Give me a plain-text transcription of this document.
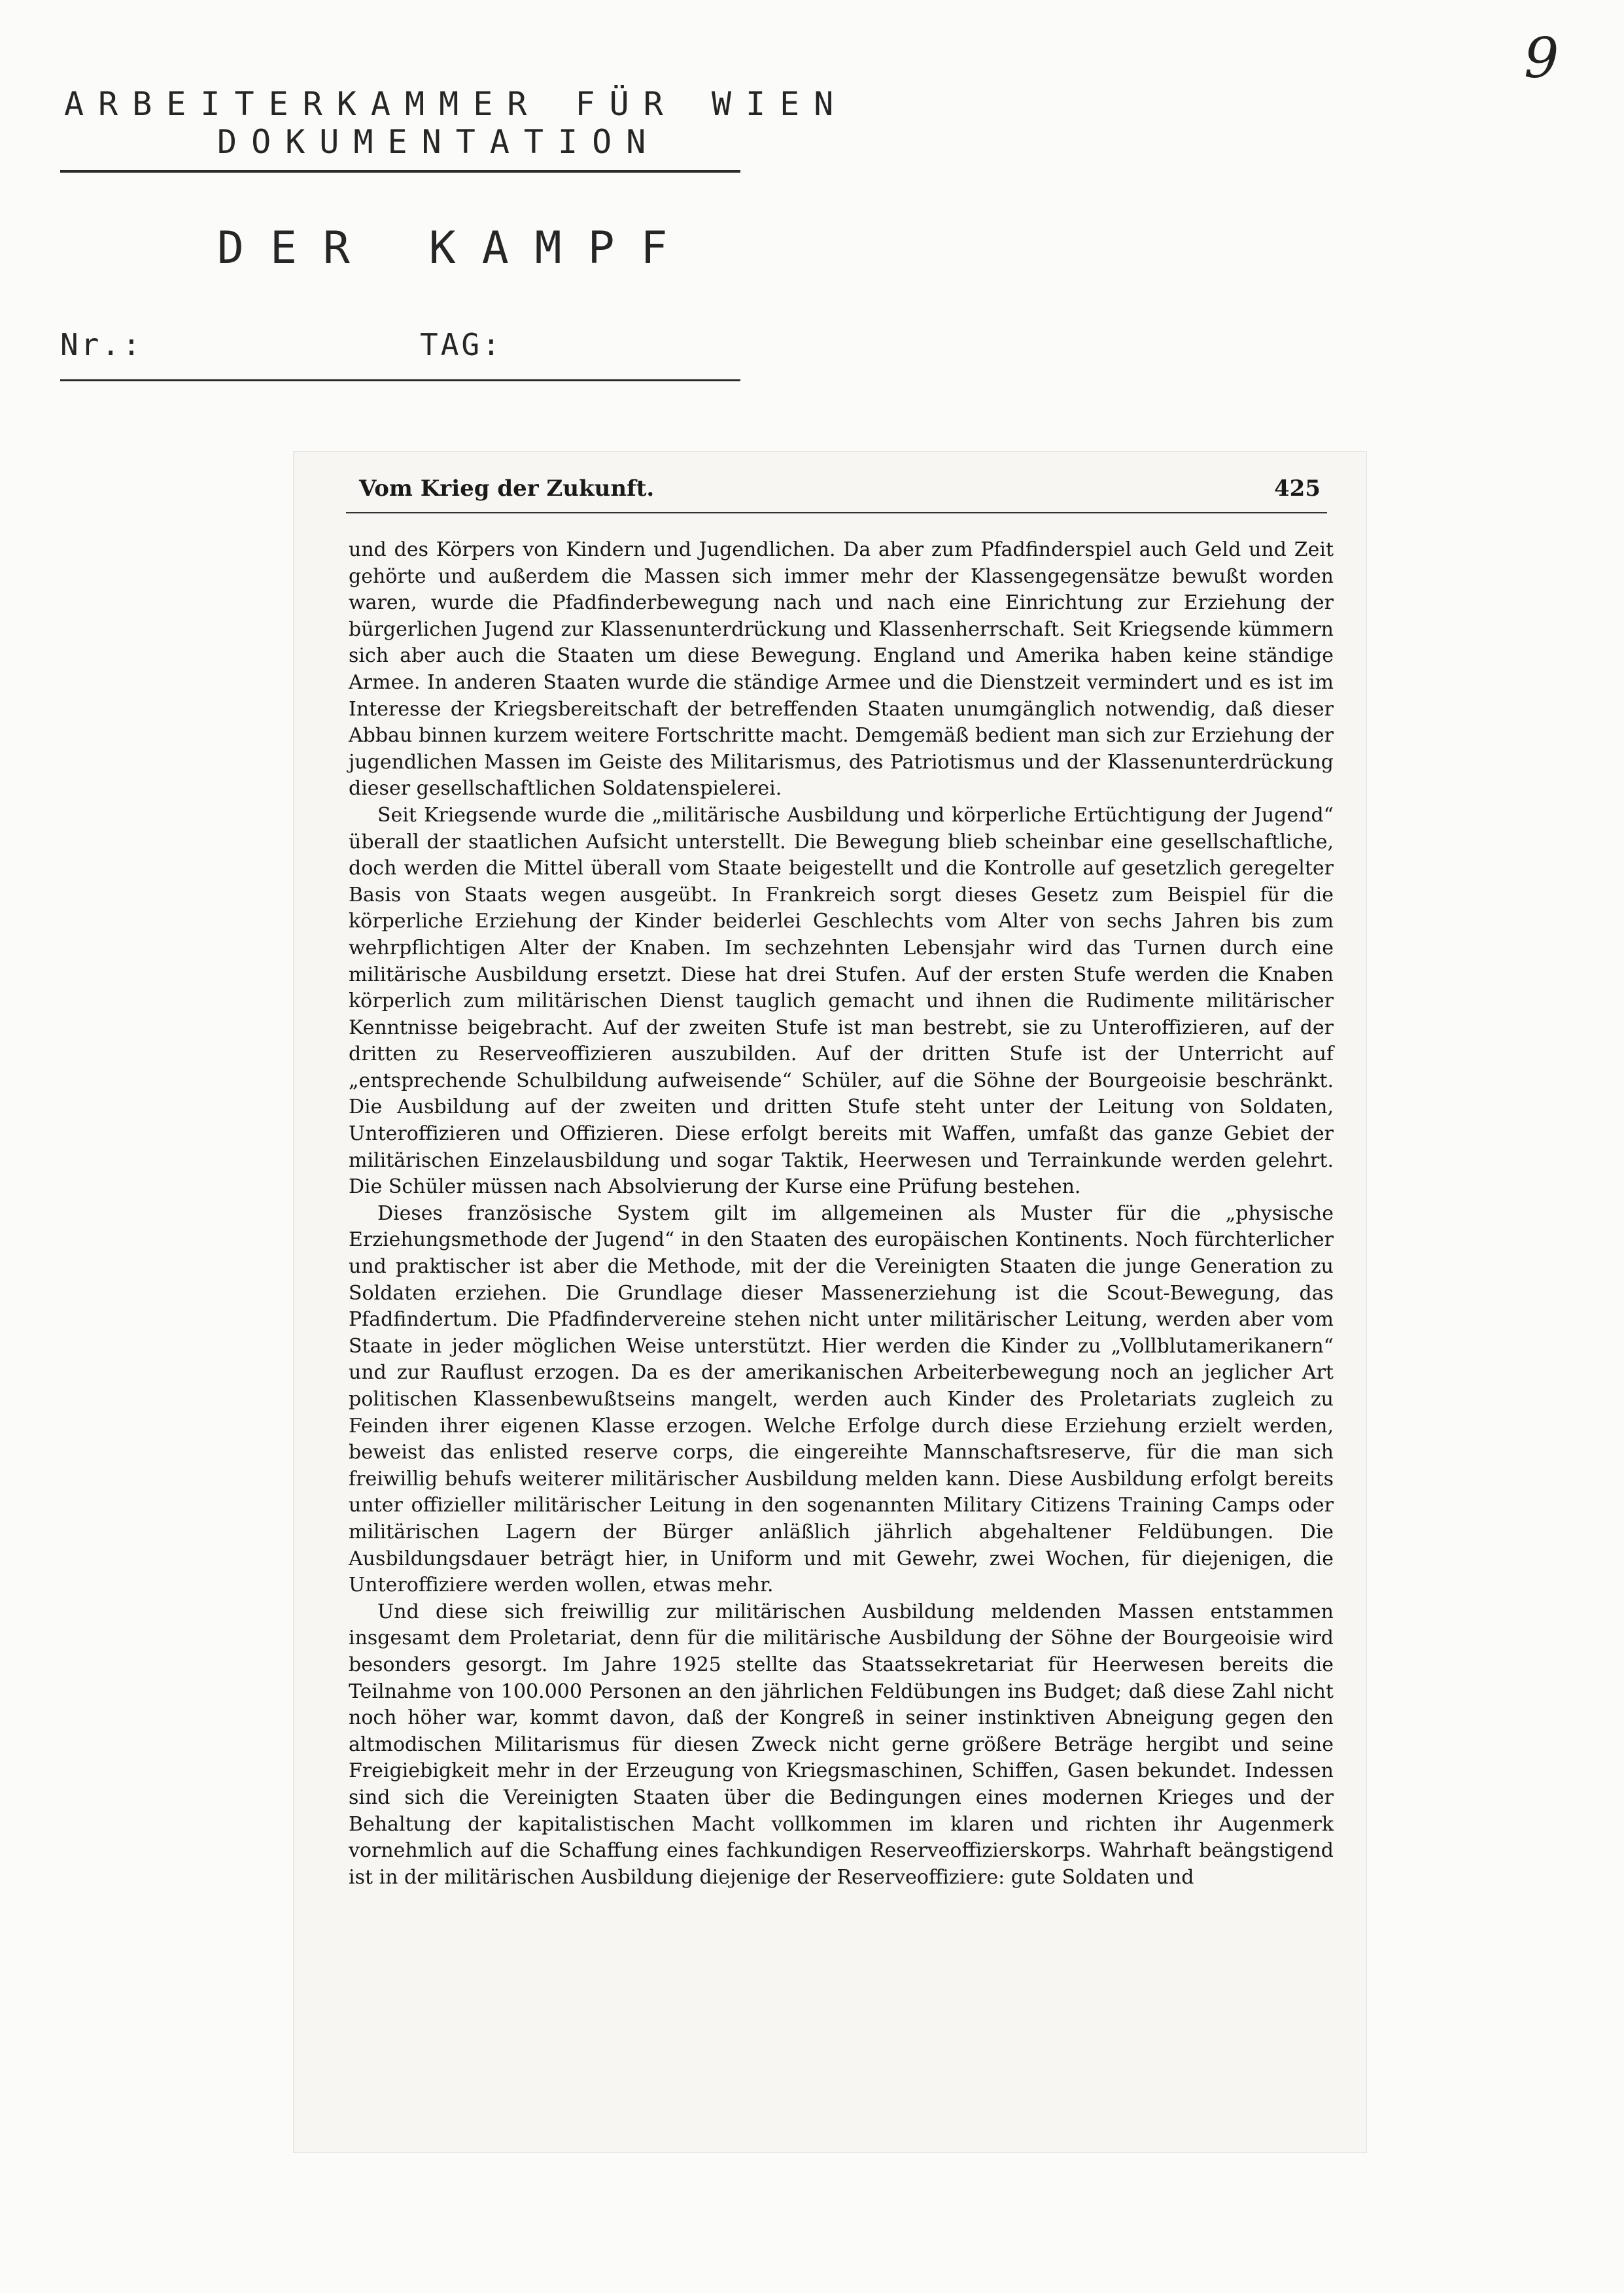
9
ARBEITERKAMMER FÜR WIEN
DOKUMENTATION
DER KAMPF
Nr.:	TAG:
Vom Krieg der Zukunft.	425

und des Körpers von Kindern und Jugendlichen. Da aber zum Pfadfinderspiel auch Geld und Zeit gehörte und außerdem die Massen sich immer mehr der Klassengegensätze bewußt worden waren, wurde die Pfadfinderbewegung nach und nach eine Einrichtung zur Erziehung der bürgerlichen Jugend zur Klassenunterdrückung und Klassenherrschaft. Seit Kriegsende kümmern sich aber auch die Staaten um diese Bewegung. England und Amerika haben keine ständige Armee. In anderen Staaten wurde die ständige Armee und die Dienstzeit vermindert und es ist im Interesse der Kriegsbereitschaft der betreffenden Staaten unumgänglich notwendig, daß dieser Abbau binnen kurzem weitere Fortschritte macht. Demgemäß bedient man sich zur Erziehung der jugendlichen Massen im Geiste des Militarismus, des Patriotismus und der Klassenunterdrückung dieser gesellschaftlichen Soldatenspielerei.

Seit Kriegsende wurde die „militärische Ausbildung und körperliche Ertüchtigung der Jugend“ überall der staatlichen Aufsicht unterstellt. Die Bewegung blieb scheinbar eine gesellschaftliche, doch werden die Mittel überall vom Staate beigestellt und die Kontrolle auf gesetzlich geregelter Basis von Staats wegen ausgeübt. In Frankreich sorgt dieses Gesetz zum Beispiel für die körperliche Erziehung der Kinder beiderlei Geschlechts vom Alter von sechs Jahren bis zum wehrpflichtigen Alter der Knaben. Im sechzehnten Lebensjahr wird das Turnen durch eine militärische Ausbildung ersetzt. Diese hat drei Stufen. Auf der ersten Stufe werden die Knaben körperlich zum militärischen Dienst tauglich gemacht und ihnen die Rudimente militärischer Kenntnisse beigebracht. Auf der zweiten Stufe ist man bestrebt, sie zu Unteroffizieren, auf der dritten zu Reserveoffizieren auszubilden. Auf der dritten Stufe ist der Unterricht auf „entsprechende Schulbildung aufweisende“ Schüler, auf die Söhne der Bourgeoisie beschränkt. Die Ausbildung auf der zweiten und dritten Stufe steht unter der Leitung von Soldaten, Unteroffizieren und Offizieren. Diese erfolgt bereits mit Waffen, umfaßt das ganze Gebiet der militärischen Einzelausbildung und sogar Taktik, Heerwesen und Terrainkunde werden gelehrt. Die Schüler müssen nach Absolvierung der Kurse eine Prüfung bestehen.

Dieses französische System gilt im allgemeinen als Muster für die „physische Erziehungsmethode der Jugend“ in den Staaten des europäischen Kontinents. Noch fürchterlicher und praktischer ist aber die Methode, mit der die Vereinigten Staaten die junge Generation zu Soldaten erziehen. Die Grundlage dieser Massenerziehung ist die Scout-Bewegung, das Pfadfindertum. Die Pfadfindervereine stehen nicht unter militärischer Leitung, werden aber vom Staate in jeder möglichen Weise unterstützt. Hier werden die Kinder zu „Vollblutamerikanern“ und zur Rauflust erzogen. Da es der amerikanischen Arbeiterbewegung noch an jeglicher Art politischen Klassenbewußtseins mangelt, werden auch Kinder des Proletariats zugleich zu Feinden ihrer eigenen Klasse erzogen. Welche Erfolge durch diese Erziehung erzielt werden, beweist das enlisted reserve corps, die eingereihte Mannschaftsreserve, für die man sich freiwillig behufs weiterer militärischer Ausbildung melden kann. Diese Ausbildung erfolgt bereits unter offizieller militärischer Leitung in den sogenannten Military Citizens Training Camps oder militärischen Lagern der Bürger anläßlich jährlich abgehaltener Feldübungen. Die Ausbildungsdauer beträgt hier, in Uniform und mit Gewehr, zwei Wochen, für diejenigen, die Unteroffiziere werden wollen, etwas mehr.

Und diese sich freiwillig zur militärischen Ausbildung meldenden Massen entstammen insgesamt dem Proletariat, denn für die militärische Ausbildung der Söhne der Bourgeoisie wird besonders gesorgt. Im Jahre 1925 stellte das Staatssekretariat für Heerwesen bereits die Teilnahme von 100.000 Personen an den jährlichen Feldübungen ins Budget; daß diese Zahl nicht noch höher war, kommt davon, daß der Kongreß in seiner instinktiven Abneigung gegen den altmodischen Militarismus für diesen Zweck nicht gerne größere Beträge hergibt und seine Freigiebigkeit mehr in der Erzeugung von Kriegsmaschinen, Schiffen, Gasen bekundet. Indessen sind sich die Vereinigten Staaten über die Bedingungen eines modernen Krieges und der Behaltung der kapitalistischen Macht vollkommen im klaren und richten ihr Augenmerk vornehmlich auf die Schaffung eines fachkundigen Reserveoffizierskorps. Wahrhaft beängstigend ist in der militärischen Ausbildung diejenige der Reserveoffiziere: gute Soldaten und
